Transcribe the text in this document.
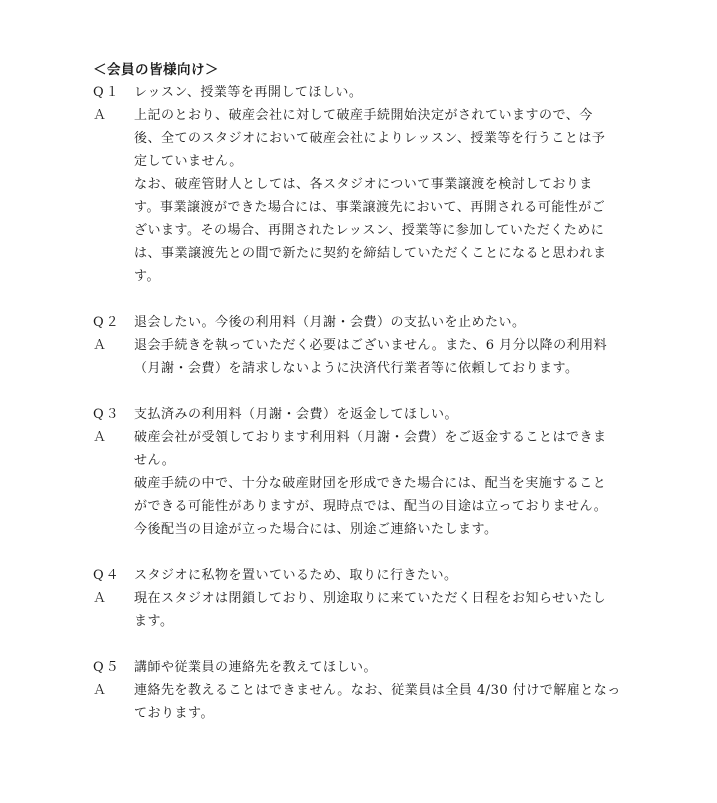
＜会員の皆様向け＞
Q１ レッスン、授業等を再開してほしい。
Ａ 上記のとおり、破産会社に対して破産手続開始決定がされていますので、今
後、全てのスタジオにおいて破産会社によりレッスン、授業等を行うことは予
定していません。

なお、破産管財人としては、各スタジオについて事業譲渡を検討しておりま
す。事業譲渡ができた場合には、事業譲渡先において、再開される可能性がご
ざいます。その場合、再開されたレッスン、授業等に参加していただくために
は、事業譲渡先との間で新たに契約を締結していただくことになると思われま
す。

Q２ 退会したい。今後の利用料（月謝・会費）の支払いを止めたい。
Ａ 退会手続きを執っていただく必要はございません。また、6 月分以降の利用料
（月謝・会費）を請求しないように決済代行業者等に依頼しております。

Q３ 支払済みの利用料（月謝・会費）を返金してほしい。
Ａ 破産会社が受領しております利用料（月謝・会費）をご返金することはできま
せん。

破産手続の中で、十分な破産財団を形成できた場合には、配当を実施すること
ができる可能性がありますが、現時点では、配当の目途は立っておりません。

今後配当の目途が立った場合には、別途ご連絡いたします。

Q４ スタジオに私物を置いているため、取りに行きたい。
Ａ 現在スタジオは閉鎖しており、別途取りに来ていただく日程をお知らせいたし
ます。

Q５ 講師や従業員の連絡先を教えてほしい。
Ａ 連絡先を教えることはできません。なお、従業員は全員 4/30 付けで解雇となっ
ております。
